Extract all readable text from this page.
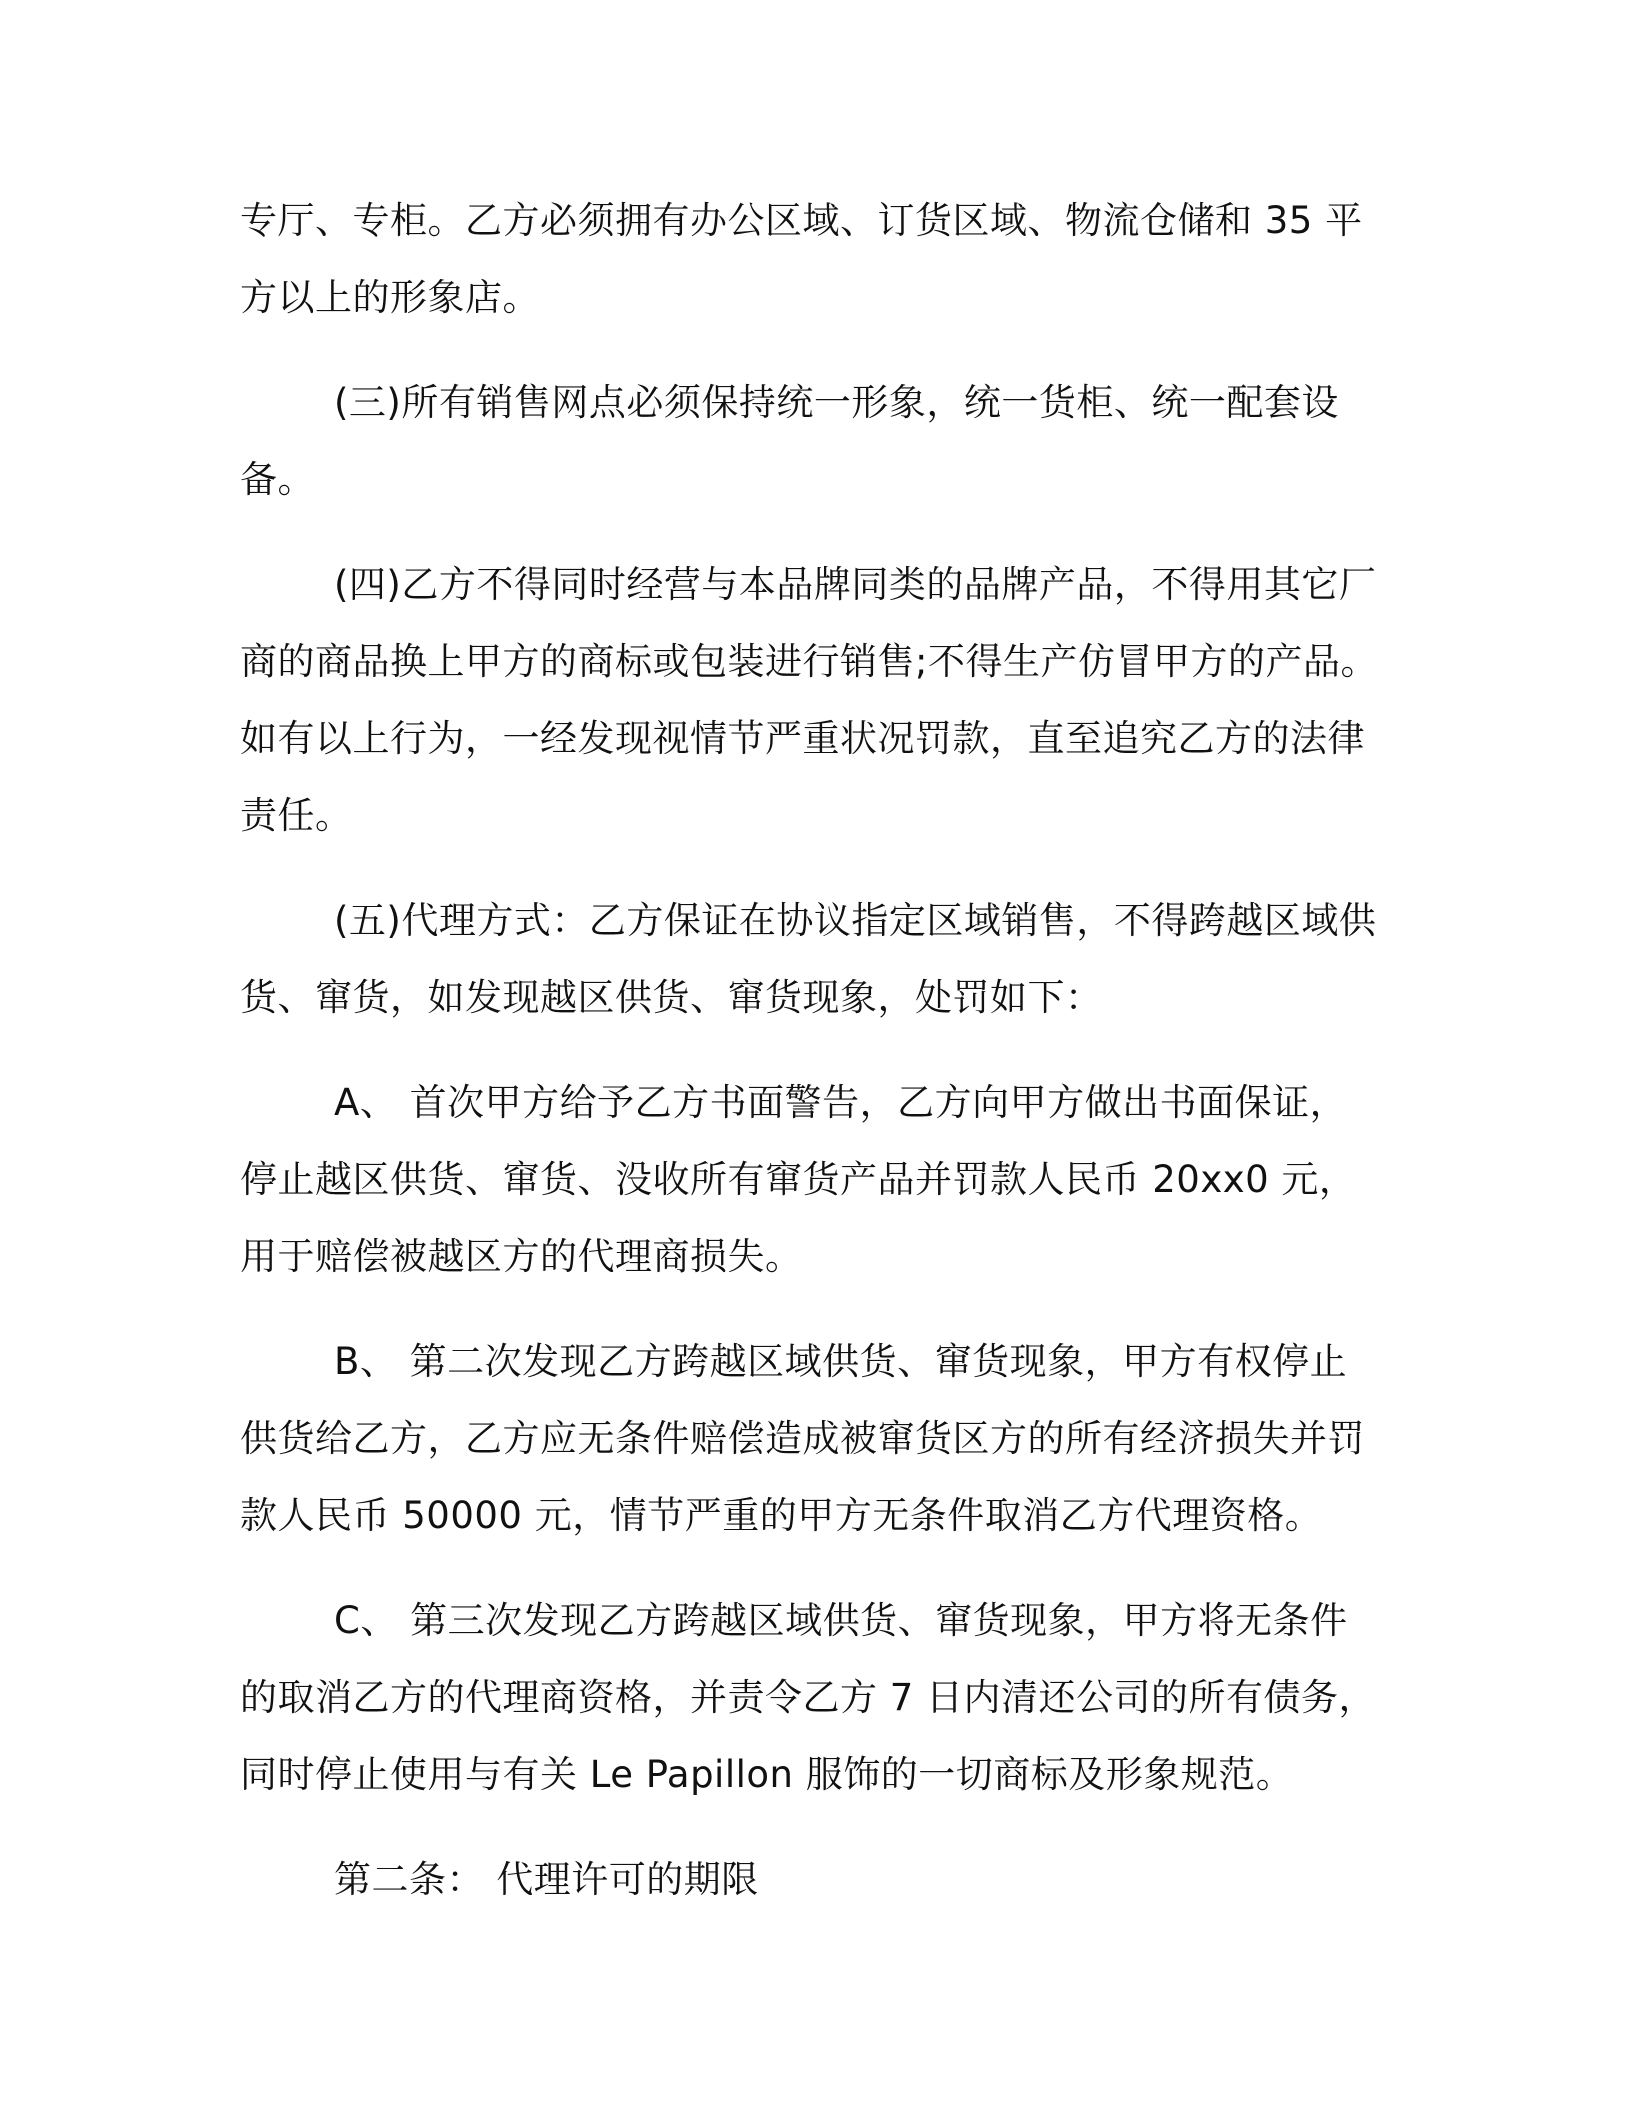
专厅、专柜。乙方必须拥有办公区域、订货区域、物流仓储和 35 平方以上的形象店。

(三)所有销售网点必须保持统一形象，统一货柜、统一配套设备。

(四)乙方不得同时经营与本品牌同类的品牌产品，不得用其它厂商的商品换上甲方的商标或包装进行销售;不得生产仿冒甲方的产品。如有以上行为，一经发现视情节严重状况罚款，直至追究乙方的法律责任。

(五)代理方式：乙方保证在协议指定区域销售，不得跨越区域供货、窜货，如发现越区供货、窜货现象，处罚如下：

A、 首次甲方给予乙方书面警告，乙方向甲方做出书面保证，停止越区供货、窜货、没收所有窜货产品并罚款人民币 20xx0 元，用于赔偿被越区方的代理商损失。

B、 第二次发现乙方跨越区域供货、窜货现象，甲方有权停止供货给乙方，乙方应无条件赔偿造成被窜货区方的所有经济损失并罚款人民币 50000 元，情节严重的甲方无条件取消乙方代理资格。

C、 第三次发现乙方跨越区域供货、窜货现象，甲方将无条件的取消乙方的代理商资格，并责令乙方 7 日内清还公司的所有债务，同时停止使用与有关 Le Papillon 服饰的一切商标及形象规范。

第二条： 代理许可的期限
